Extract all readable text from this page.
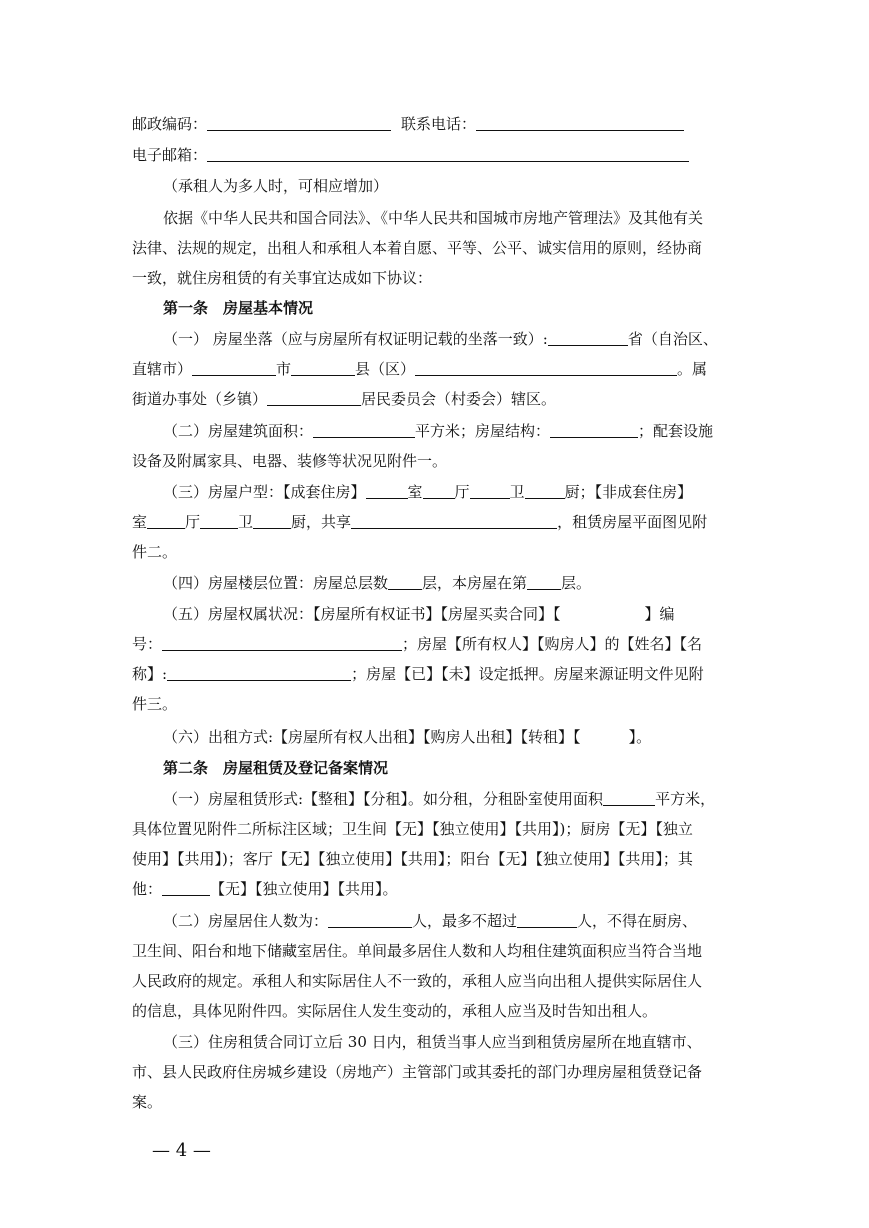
邮政编码：	联系电话：
电子邮箱：
（承租人为多人时，可相应增加）
依据《中华人民共和国合同法》、《中华人民共和国城市房地产管理法》及其他有关
法律、法规的规定，出租人和承租人本着自愿、平等、公平、诚实信用的原则，经协商
一致，就住房租赁的有关事宜达成如下协议：
第一条　房屋基本情况
（一） 房屋坐落（应与房屋所有权证明记载的坐落一致）:	省（自治区、
直辖市）	市	县（区）	。属
街道办事处（乡镇）	居民委员会（村委会）辖区。
（二）房屋建筑面积：	平方米；房屋结构：	；配套设施
设备及附属家具、电器、装修等状况见附件一。
（三）房屋户型：【成套住房】	室 厅	卫	厨；【非成套住房】
室	厅	卫	厨，共享	，租赁房屋平面图见附
件二。
（四）房屋楼层位置：房屋总层数 层，本房屋在第 层。
（五）房屋权属状况：【房屋所有权证书】【房屋买卖合同】【	】编
号：	；房屋【所有权人】【购房人】的【姓名】【名
称】:	；房屋【已】【未】设定抵押。房屋来源证明文件见附
件三。
（六）出租方式:【房屋所有权人出租】【购房人出租】【转租】【	】。
第二条　房屋租赁及登记备案情况
（一）房屋租赁形式:【整租】【分租】。如分租，分租卧室使用面积	平方米，
具体位置见附件二所标注区域；卫生间【无】【独立使用】【共用】)；厨房【无】【独立
使用】【共用】)；客厅【无】【独立使用】【共用】；阳台【无】【独立使用】【共用】；其
他：	【无】【独立使用】【共用】。
（二）房屋居住人数为：	人，最多不超过	人，不得在厨房、
卫生间、阳台和地下储藏室居住。单间最多居住人数和人均租住建筑面积应当符合当地
人民政府的规定。承租人和实际居住人不一致的，承租人应当向出租人提供实际居住人
的信息，具体见附件四。实际居住人发生变动的，承租人应当及时告知出租人。
（三）住房租赁合同订立后 30 日内，租赁当事人应当到租赁房屋所在地直辖市、
市、县人民政府住房城乡建设（房地产）主管部门或其委托的部门办理房屋租赁登记备
案。
— 4 —
